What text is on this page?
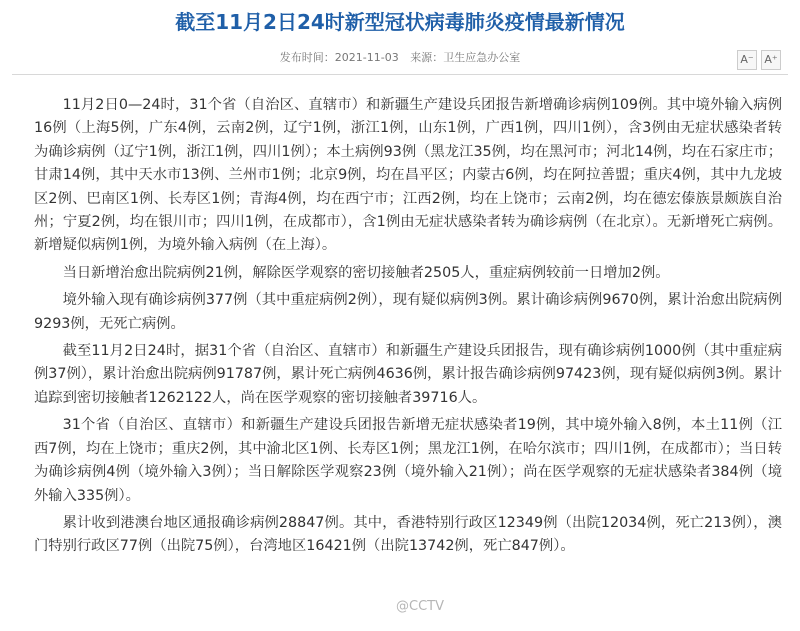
截至11月2日24时新型冠状病毒肺炎疫情最新情况
发布时间：2021-11-03 来源：卫生应急办公室	A⁻ A⁺

11月2日0—24时，31个省（自治区、直辖市）和新疆生产建设兵团报告新增确诊病例109例。其中境外输入病例16例（上海5例，广东4例，云南2例，辽宁1例，浙江1例，山东1例，广西1例，四川1例），含3例由无症状感染者转为确诊病例（辽宁1例，浙江1例，四川1例）；本土病例93例（黑龙江35例，均在黑河市；河北14例，均在石家庄市；甘肃14例，其中天水市13例、兰州市1例；北京9例，均在昌平区；内蒙古6例，均在阿拉善盟；重庆4例，其中九龙坡区2例、巴南区1例、长寿区1例；青海4例，均在西宁市；江西2例，均在上饶市；云南2例，均在德宏傣族景颇族自治州；宁夏2例，均在银川市；四川1例，在成都市），含1例由无症状感染者转为确诊病例（在北京）。无新增死亡病例。新增疑似病例1例，为境外输入病例（在上海）。

当日新增治愈出院病例21例，解除医学观察的密切接触者2505人，重症病例较前一日增加2例。

境外输入现有确诊病例377例（其中重症病例2例），现有疑似病例3例。累计确诊病例9670例，累计治愈出院病例9293例，无死亡病例。

截至11月2日24时，据31个省（自治区、直辖市）和新疆生产建设兵团报告，现有确诊病例1000例（其中重症病例37例），累计治愈出院病例91787例，累计死亡病例4636例，累计报告确诊病例97423例，现有疑似病例3例。累计追踪到密切接触者1262122人，尚在医学观察的密切接触者39716人。

31个省（自治区、直辖市）和新疆生产建设兵团报告新增无症状感染者19例，其中境外输入8例，本土11例（江西7例，均在上饶市；重庆2例，其中渝北区1例、长寿区1例；黑龙江1例，在哈尔滨市；四川1例，在成都市）；当日转为确诊病例4例（境外输入3例）；当日解除医学观察23例（境外输入21例）；尚在医学观察的无症状感染者384例（境外输入335例）。

累计收到港澳台地区通报确诊病例28847例。其中，香港特别行政区12349例（出院12034例，死亡213例），澳门特别行政区77例（出院75例），台湾地区16421例（出院13742例，死亡847例）。

@CCTV
